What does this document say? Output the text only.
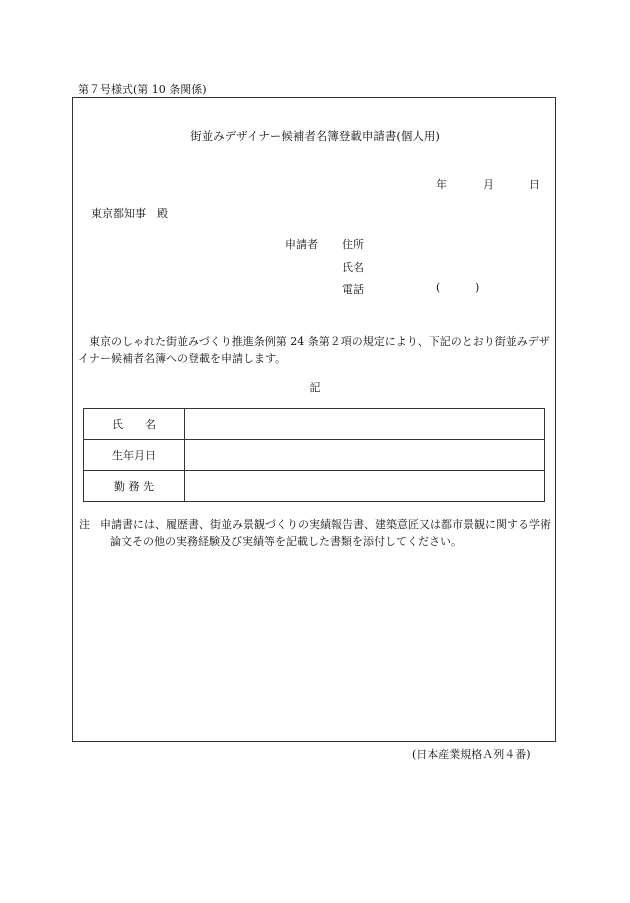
第７号様式(第 10 条関係)
街並みデザイナー候補者名簿登載申請書(個人用)
年	月	日
東京都知事　殿
申請者 住所
氏名
電話	(	)
東京のしゃれた街並みづくり推進条例第 24 条第２項の規定により、下記のとおり街並みデザイナー候補者名簿への登載を申請します。
記
氏　　名	
生年月日	
勤 務 先	
注 申請書には、履歴書、街並み景観づくりの実績報告書、建築意匠又は都市景観に関する学術論文その他の実務経験及び実績等を記載した書類を添付してください。
(日本産業規格Ａ列４番)
